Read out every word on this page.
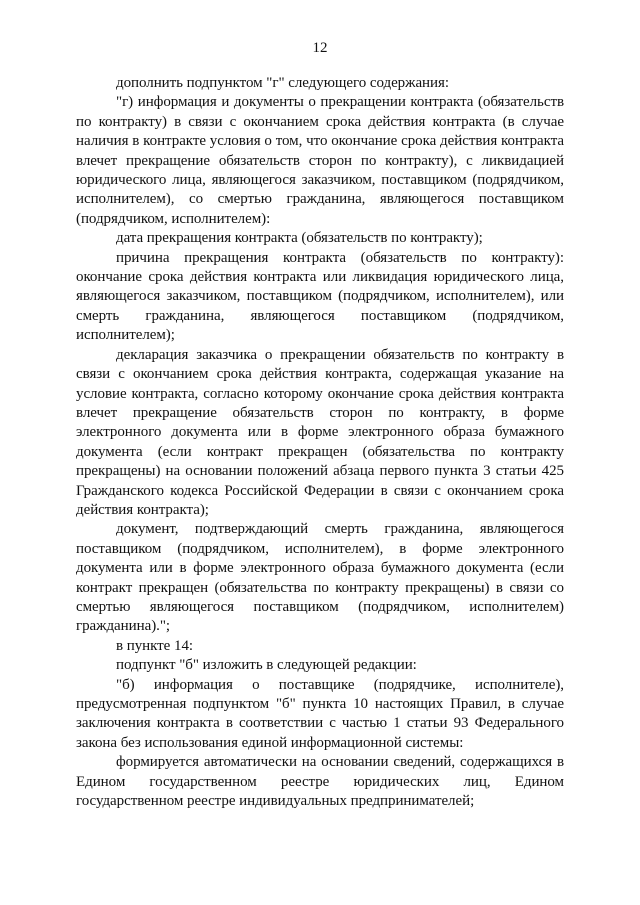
12

дополнить подпунктом "г" следующего содержания:

"г) информация и документы о прекращении контракта (обязательств по контракту) в связи с окончанием срока действия контракта (в случае наличия в контракте условия о том, что окончание срока действия контракта влечет прекращение обязательств сторон по контракту), с ликвидацией юридического лица, являющегося заказчиком, поставщиком (подрядчиком, исполнителем), со смертью гражданина, являющегося поставщиком (подрядчиком, исполнителем):

дата прекращения контракта (обязательств по контракту);

причина прекращения контракта (обязательств по контракту): окончание срока действия контракта или ликвидация юридического лица, являющегося заказчиком, поставщиком (подрядчиком, исполнителем), или смерть гражданина, являющегося поставщиком (подрядчиком, исполнителем);

декларация заказчика о прекращении обязательств по контракту в связи с окончанием срока действия контракта, содержащая указание на условие контракта, согласно которому окончание срока действия контракта влечет прекращение обязательств сторон по контракту, в форме электронного документа или в форме электронного образа бумажного документа (если контракт прекращен (обязательства по контракту прекращены) на основании положений абзаца первого пункта 3 статьи 425 Гражданского кодекса Российской Федерации в связи с окончанием срока действия контракта);

документ, подтверждающий смерть гражданина, являющегося поставщиком (подрядчиком, исполнителем), в форме электронного документа или в форме электронного образа бумажного документа (если контракт прекращен (обязательства по контракту прекращены) в связи со смертью являющегося поставщиком (подрядчиком, исполнителем) гражданина).";

в пункте 14:

подпункт "б" изложить в следующей редакции:

"б) информация о поставщике (подрядчике, исполнителе), предусмотренная подпунктом "б" пункта 10 настоящих Правил, в случае заключения контракта в соответствии с частью 1 статьи 93 Федерального закона без использования единой информационной системы:

формируется автоматически на основании сведений, содержащихся в Едином государственном реестре юридических лиц, Едином государственном реестре индивидуальных предпринимателей;
